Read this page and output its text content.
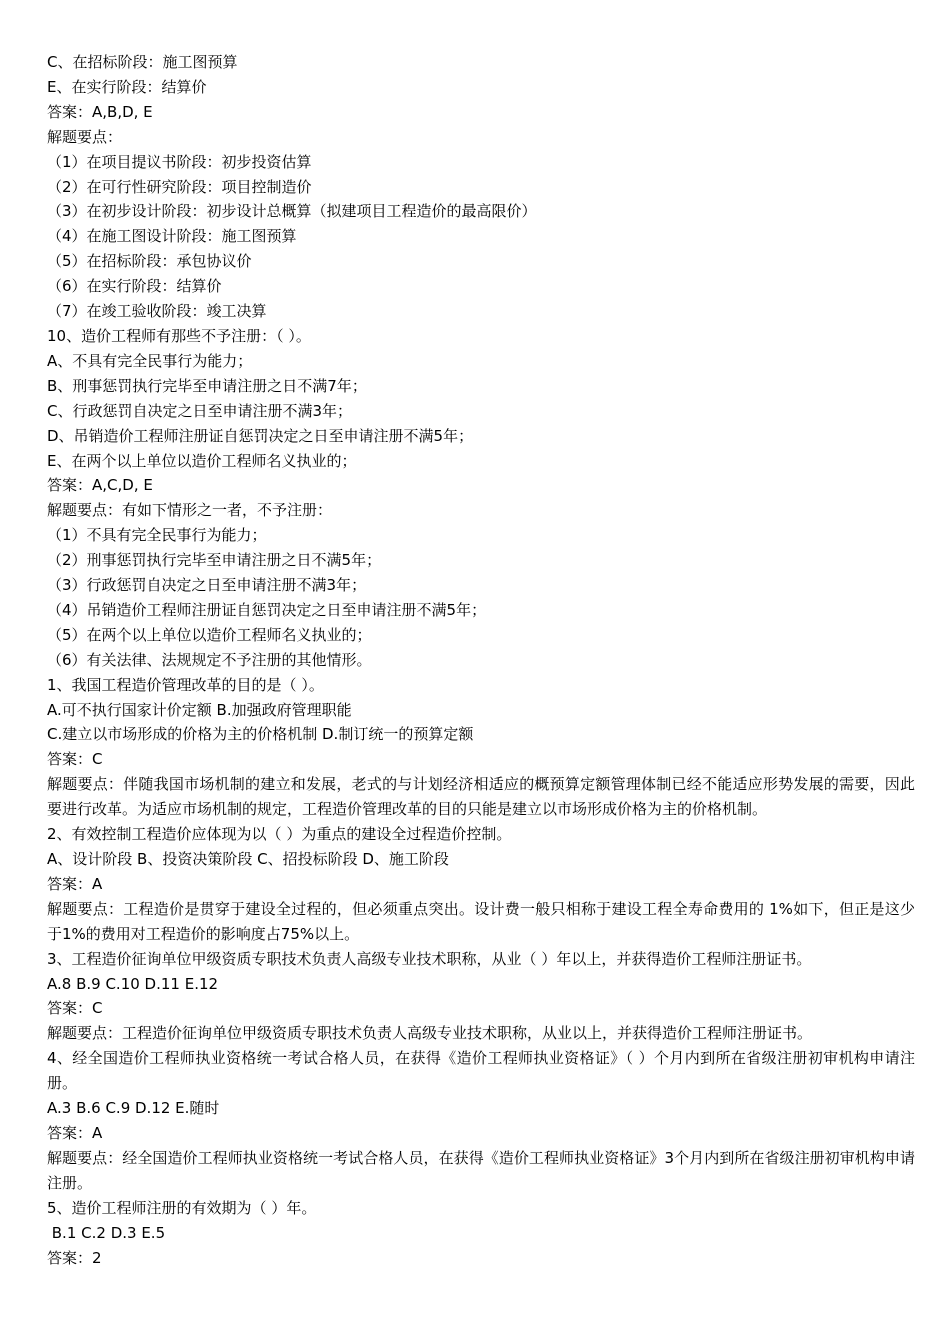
C、在招标阶段：施工图预算
E、在实行阶段：结算价
答案：A,B,D, E
解题要点：
（1）在项目提议书阶段：初步投资估算
（2）在可行性研究阶段：项目控制造价
（3）在初步设计阶段：初步设计总概算（拟建项目工程造价的最高限价）
（4）在施工图设计阶段：施工图预算
（5）在招标阶段：承包协议价
（6）在实行阶段：结算价
（7）在竣工验收阶段：竣工决算
10、造价工程师有那些不予注册：（ ）。
A、不具有完全民事行为能力；
B、刑事惩罚执行完毕至申请注册之日不满7年；
C、行政惩罚自决定之日至申请注册不满3年；
D、吊销造价工程师注册证自惩罚决定之日至申请注册不满5年；
E、在两个以上单位以造价工程师名义执业的；
答案：A,C,D, E
解题要点：有如下情形之一者，不予注册：
（1）不具有完全民事行为能力；
（2）刑事惩罚执行完毕至申请注册之日不满5年；
（3）行政惩罚自决定之日至申请注册不满3年；
（4）吊销造价工程师注册证自惩罚决定之日至申请注册不满5年；
（5）在两个以上单位以造价工程师名义执业的；
（6）有关法律、法规规定不予注册的其他情形。
1、我国工程造价管理改革的目的是（ ）。
A.可不执行国家计价定额 B.加强政府管理职能
C.建立以市场形成的价格为主的价格机制 D.制订统一的预算定额
答案：C
解题要点：伴随我国市场机制的建立和发展，老式的与计划经济相适应的概预算定额管理体制已经不能适应形势发展的需要，因此要进行改革。为适应市场机制的规定，工程造价管理改革的目的只能是建立以市场形成价格为主的价格机制。
2、有效控制工程造价应体现为以（ ）为重点的建设全过程造价控制。
A、设计阶段 B、投资决策阶段 C、招投标阶段 D、施工阶段
答案：A
解题要点：工程造价是贯穿于建设全过程的，但必须重点突出。设计费一般只相称于建设工程全寿命费用的 1%如下，但正是这少于1%的费用对工程造价的影响度占75%以上。
3、工程造价征询单位甲级资质专职技术负责人高级专业技术职称，从业（ ）年以上，并获得造价工程师注册证书。
A.8 B.9 C.10 D.11 E.12
答案：C
解题要点：工程造价征询单位甲级资质专职技术负责人高级专业技术职称，从业以上，并获得造价工程师注册证书。
4、经全国造价工程师执业资格统一考试合格人员，在获得《造价工程师执业资格证》（ ）个月内到所在省级注册初审机构申请注册。
A.3 B.6 C.9 D.12 E.随时
答案：A
解题要点：经全国造价工程师执业资格统一考试合格人员，在获得《造价工程师执业资格证》3个月内到所在省级注册初审机构申请注册。
5、造价工程师注册的有效期为（ ）年。
B.1 C.2 D.3 E.5
答案：2
